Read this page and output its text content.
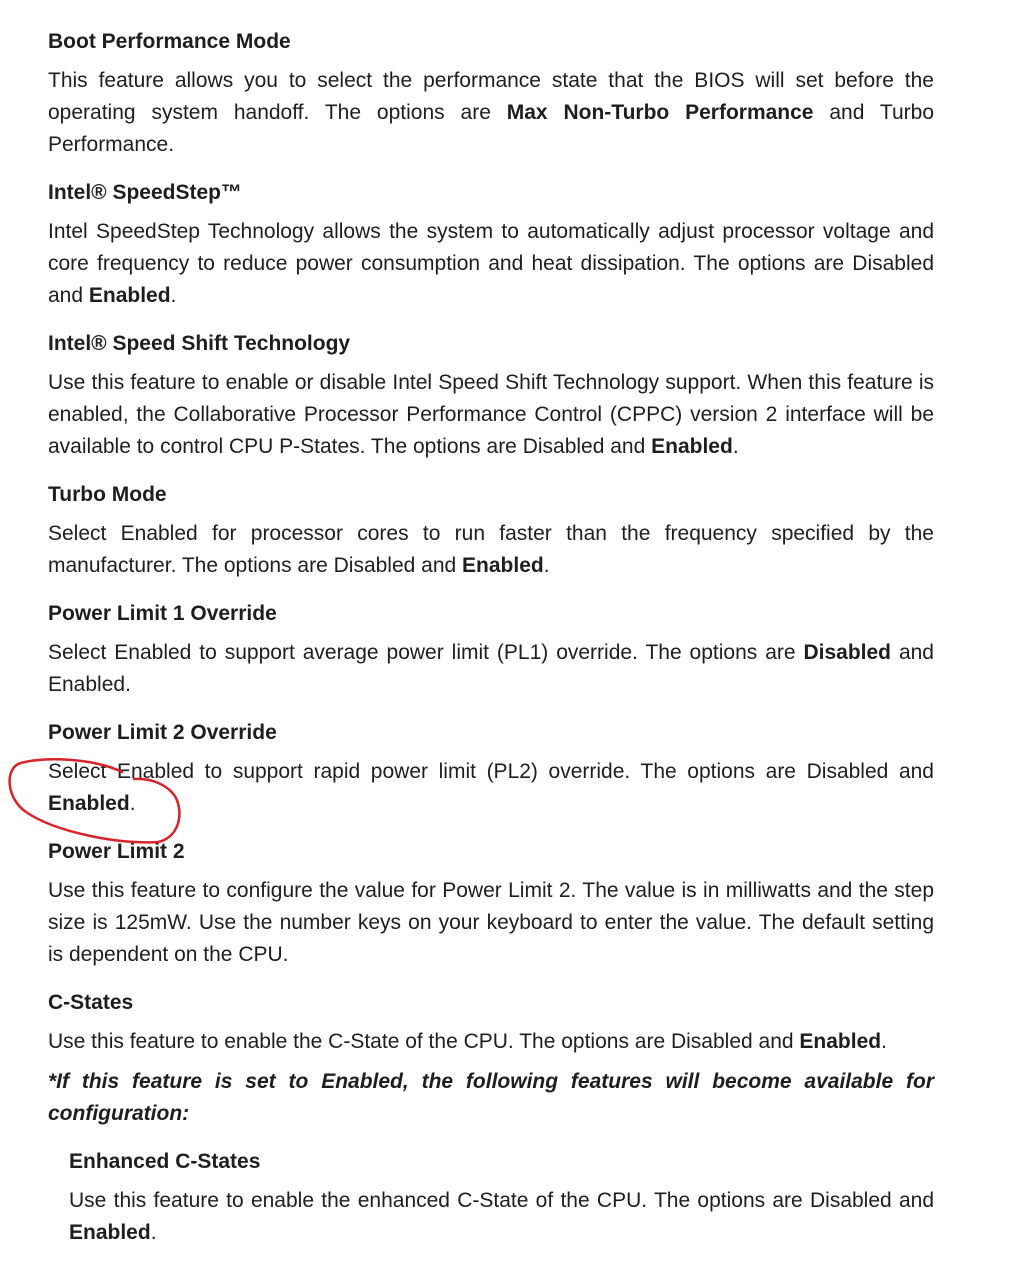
Boot Performance Mode

This feature allows you to select the performance state that the BIOS will set before the operating system handoff. The options are Max Non-Turbo Performance and Turbo Performance.

Intel® SpeedStep™

Intel SpeedStep Technology allows the system to automatically adjust processor voltage and core frequency to reduce power consumption and heat dissipation. The options are Disabled and Enabled.

Intel® Speed Shift Technology

Use this feature to enable or disable Intel Speed Shift Technology support. When this feature is enabled, the Collaborative Processor Performance Control (CPPC) version 2 interface will be available to control CPU P-States. The options are Disabled and Enabled.

Turbo Mode

Select Enabled for processor cores to run faster than the frequency specified by the manufacturer. The options are Disabled and Enabled.

Power Limit 1 Override

Select Enabled to support average power limit (PL1) override. The options are Disabled and Enabled.

Power Limit 2 Override

Select Enabled to support rapid power limit (PL2) override. The options are Disabled and Enabled.

Power Limit 2

Use this feature to configure the value for Power Limit 2. The value is in milliwatts and the step size is 125mW. Use the number keys on your keyboard to enter the value. The default setting is dependent on the CPU.

C-States

Use this feature to enable the C-State of the CPU. The options are Disabled and Enabled.

*If this feature is set to Enabled, the following features will become available for configuration:

Enhanced C-States

Use this feature to enable the enhanced C-State of the CPU. The options are Disabled and Enabled.
